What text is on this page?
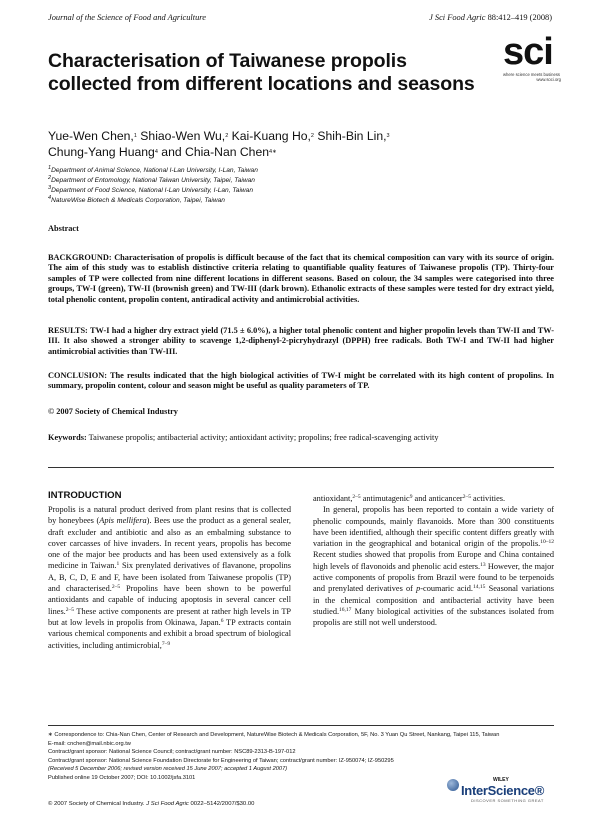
Journal of the Science of Food and Agriculture	J Sci Food Agric 88:412–419 (2008)
sci
where science meets business
www.soci.org
Characterisation of Taiwanese propolis collected from different locations and seasons
Yue-Wen Chen,$^1$ Shiao-Wen Wu,$^2$ Kai-Kuang Ho,$^2$ Shih-Bin Lin,$^3$
Chung-Yang Huang$^4$ and Chia-Nan Chen$^{4∗}$
$^1$Department of Animal Science, National I-Lan University, I-Lan, Taiwan
$^2$Department of Entomology, National Taiwan University, Taipei, Taiwan
$^3$Department of Food Science, National I-Lan University, I-Lan, Taiwan
$^4$NatureWise Biotech & Medicals Corporation, Taipei, Taiwan
Abstract
BACKGROUND: Characterisation of propolis is difficult because of the fact that its chemical composition can vary with its source of origin. The aim of this study was to establish distinctive criteria relating to quantifiable quality features of Taiwanese propolis (TP). Thirty-four samples of TP were collected from nine different locations in different seasons. Based on colour, the 34 samples were categorised into three groups, TW-I (green), TW-II (brownish green) and TW-III (dark brown). Ethanolic extracts of these samples were tested for dry extract yield, total phenolic content, propolin content, antiradical activity and antimicrobial activities.
RESULTS: TW-I had a higher dry extract yield (71.5 ± 6.0%), a higher total phenolic content and higher propolin levels than TW-II and TW-III. It also showed a stronger ability to scavenge 1,2-diphenyl-2-picryhydrazyl (DPPH) free radicals. Both TW-I and TW-II had higher antimicrobial activities than TW-III.
CONCLUSION: The results indicated that the high biological activities of TW-I might be correlated with its high content of propolins. In summary, propolin content, colour and season might be useful as quality parameters of TP.
© 2007 Society of Chemical Industry
Keywords: Taiwanese propolis; antibacterial activity; antioxidant activity; propolins; free radical-scavenging activity
INTRODUCTION

Propolis is a natural product derived from plant resins that is collected by honeybees (Apis mellifera). Bees use the product as a general sealer, draft excluder and antibiotic and also as an embalming substance to cover carcasses of hive invaders. In recent years, propolis has become one of the major bee products and has been used extensively as a folk medicine in Taiwan.$^1$ Six prenylated derivatives of flavanone, propolins A, B, C, D, E and F, have been isolated from Taiwanese propolis (TP) and characterised.$^{2-5}$ Propolins have been shown to be powerful antioxidants and capable of inducing apoptosis in several cancer cell lines.$^{2-5}$ These active components are present at rather high levels in TP but at low levels in propolis from Okinawa, Japan.$^6$ TP extracts contain various chemical components and exhibit a broad spectrum of biological activities, including antimicrobial,$^{7-9}$

antioxidant,$^{2-5}$ antimutagenic$^9$ and anticancer$^{2-5}$ activities.

In general, propolis has been reported to contain a wide variety of phenolic compounds, mainly flavanoids. More than 300 constituents have been identified, although their specific content differs greatly with variation in the geographical and botanical origin of the propolis.$^{10-12}$ Recent studies showed that propolis from Europe and China contained high levels of flavonoids and phenolic acid esters.$^{13}$ However, the major active components of propolis from Brazil were found to be terpenoids and prenylated derivatives of p-coumaric acid.$^{14,15}$ Seasonal variations in the chemical composition and antibacterial activity have been studied.$^{16,17}$ Many biological activities of the substances isolated from propolis are still not well understood.

∗ Correspondence to: Chia-Nan Chen, Center of Research and Development, NatureWise Biotech & Medicals Corporation, 5F, No. 3 Yuan Qu Street, Nankang, Taipei 115, Taiwan
E-mail: cnchen@mail.nbic.org.tw
Contract/grant sponsor: National Science Council; contract/grant number: NSC89-2313-B-197-012
Contract/grant sponsor: National Science Foundation Directorate for Engineering of Taiwan; contract/grant number: IZ-950074; IZ-950295
(Received 5 December 2006; revised version received 15 June 2007; accepted 1 August 2007)
Published online 19 October 2007; DOI: 10.1002/jsfa.3101
© 2007 Society of Chemical Industry. J Sci Food Agric 0022–5142/2007/$30.00
WILEY
InterScience®
DISCOVER SOMETHING GREAT
